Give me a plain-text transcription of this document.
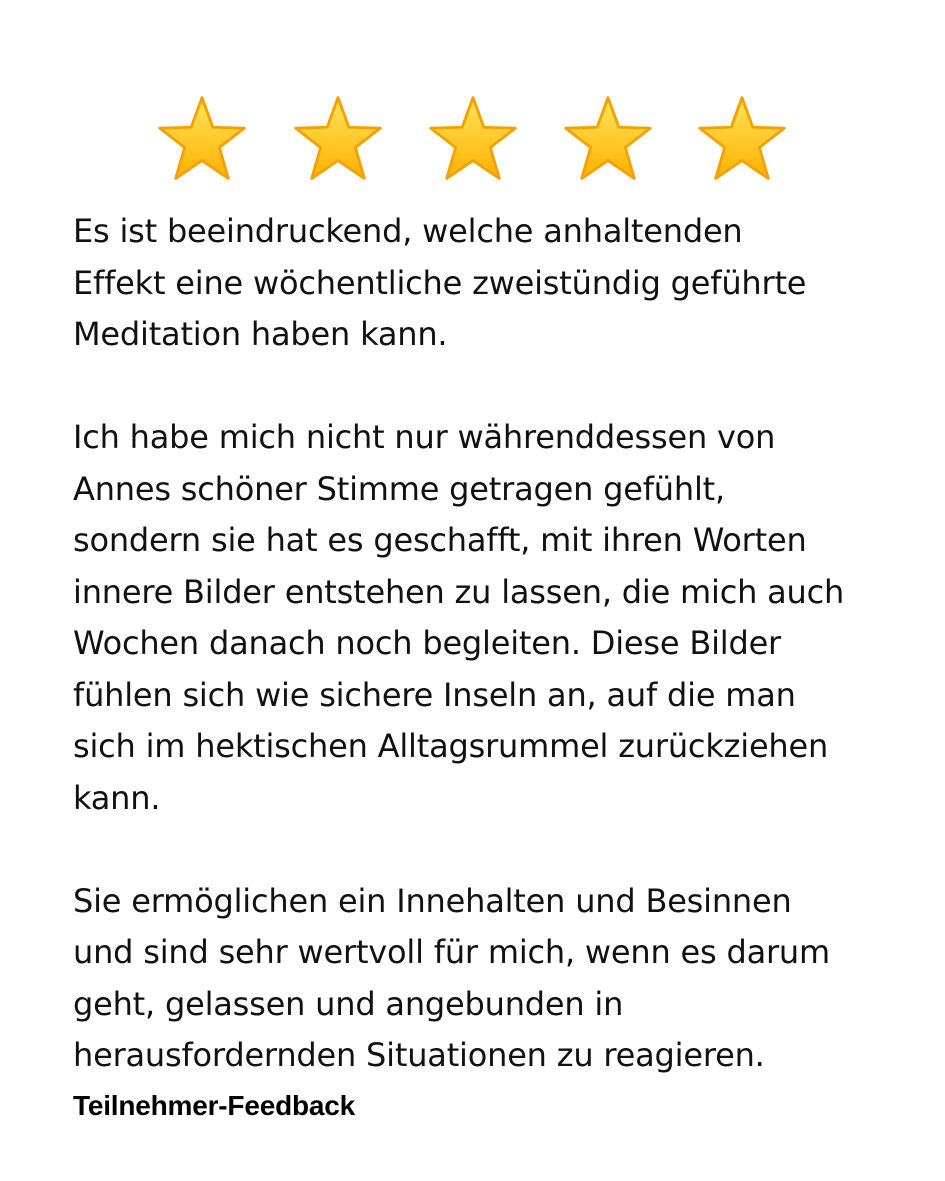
Es ist beeindruckend, welche anhaltenden
Effekt eine wöchentliche zweistündig geführte
Meditation haben kann.

Ich habe mich nicht nur währenddessen von
Annes schöner Stimme getragen gefühlt,
sondern sie hat es geschafft, mit ihren Worten
innere Bilder entstehen zu lassen, die mich auch
Wochen danach noch begleiten. Diese Bilder
fühlen sich wie sichere Inseln an, auf die man
sich im hektischen Alltagsrummel zurückziehen
kann.

Sie ermöglichen ein Innehalten und Besinnen
und sind sehr wertvoll für mich, wenn es darum
geht, gelassen und angebunden in
herausfordernden Situationen zu reagieren.

Teilnehmer-Feedback
